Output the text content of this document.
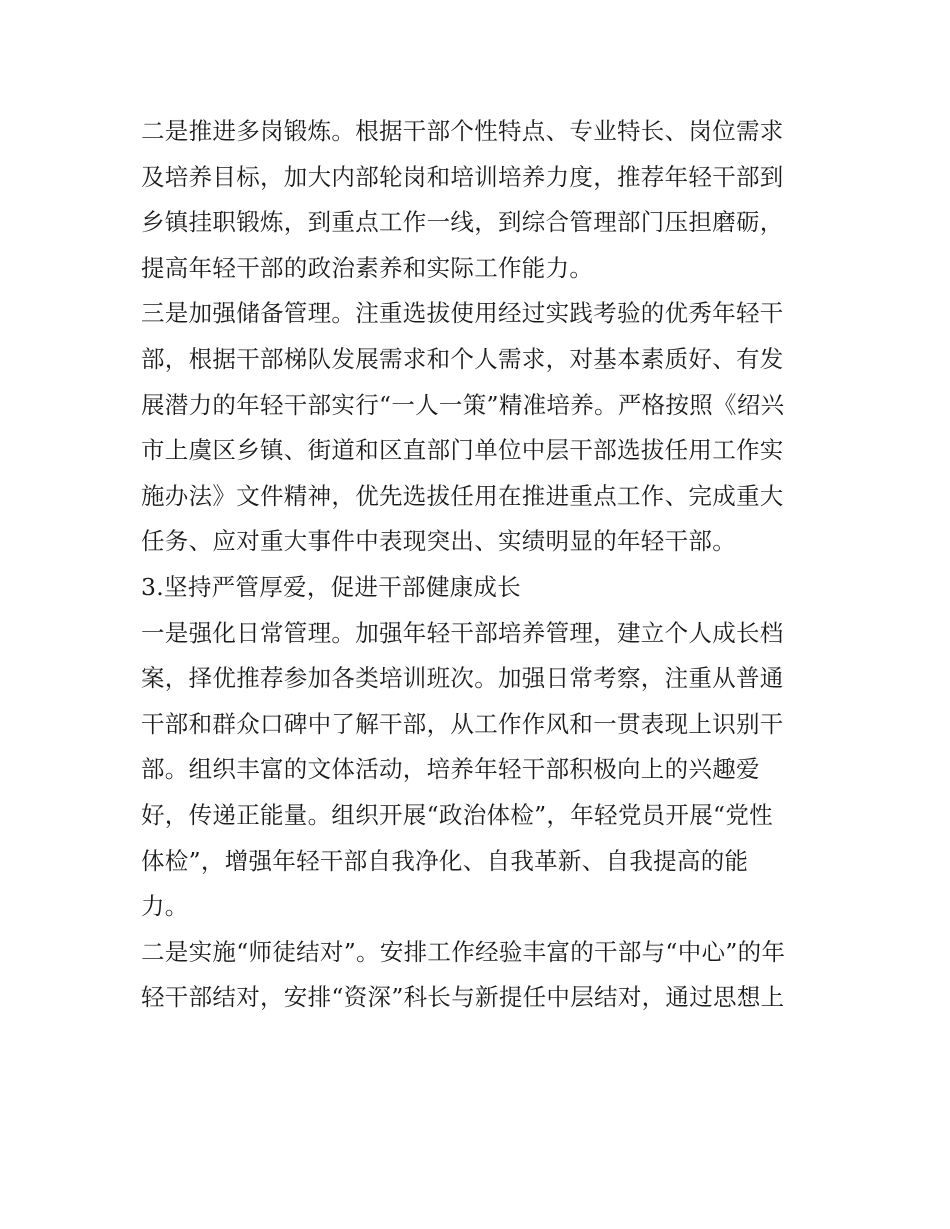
二是推进多岗锻炼。根据干部个性特点、专业特长、岗位需求
及培养目标，加大内部轮岗和培训培养力度，推荐年轻干部到
乡镇挂职锻炼，到重点工作一线，到综合管理部门压担磨砺，
提高年轻干部的政治素养和实际工作能力。
三是加强储备管理。注重选拔使用经过实践考验的优秀年轻干
部，根据干部梯队发展需求和个人需求，对基本素质好、有发
展潜力的年轻干部实行“一人一策”精准培养。严格按照《绍兴
市上虞区乡镇、街道和区直部门单位中层干部选拔任用工作实
施办法》文件精神，优先选拔任用在推进重点工作、完成重大
任务、应对重大事件中表现突出、实绩明显的年轻干部。
3.坚持严管厚爱，促进干部健康成长
一是强化日常管理。加强年轻干部培养管理，建立个人成长档
案，择优推荐参加各类培训班次。加强日常考察，注重从普通
干部和群众口碑中了解干部，从工作作风和一贯表现上识别干
部。组织丰富的文体活动，培养年轻干部积极向上的兴趣爱
好，传递正能量。组织开展“政治体检”，年轻党员开展“党性
体检”，增强年轻干部自我净化、自我革新、自我提高的能
力。
二是实施“师徒结对”。安排工作经验丰富的干部与“中心”的年
轻干部结对，安排“资深”科长与新提任中层结对，通过思想上
